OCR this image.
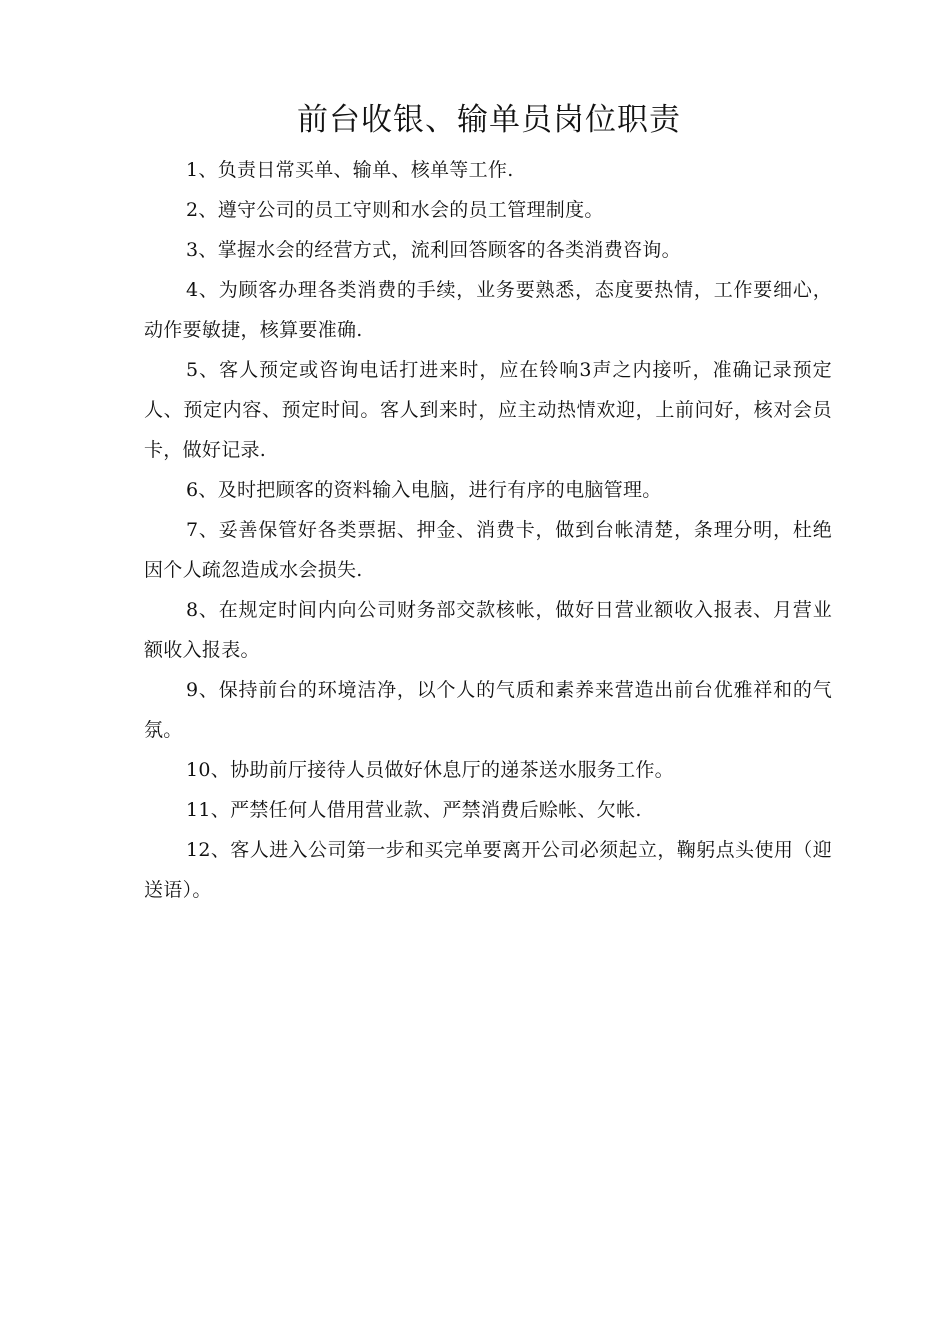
前台收银、输单员岗位职责
1、负责日常买单、输单、核单等工作.
2、遵守公司的员工守则和水会的员工管理制度。
3、掌握水会的经营方式，流利回答顾客的各类消费咨询。
4、为顾客办理各类消费的手续，业务要熟悉，态度要热情，工作要细心，动作要敏捷，核算要准确.
5、客人预定或咨询电话打进来时，应在铃响3声之内接听，准确记录预定人、预定内容、预定时间。客人到来时，应主动热情欢迎，上前问好，核对会员卡，做好记录.
6、及时把顾客的资料输入电脑，进行有序的电脑管理。
7、妥善保管好各类票据、押金、消费卡，做到台帐清楚，条理分明，杜绝因个人疏忽造成水会损失.
8、在规定时间内向公司财务部交款核帐，做好日营业额收入报表、月营业额收入报表。
9、保持前台的环境洁净，以个人的气质和素养来营造出前台优雅祥和的气氛。
10、协助前厅接待人员做好休息厅的递茶送水服务工作。
11、严禁任何人借用营业款、严禁消费后赊帐、欠帐.
12、客人进入公司第一步和买完单要离开公司必须起立，鞠躬点头使用（迎送语）。
